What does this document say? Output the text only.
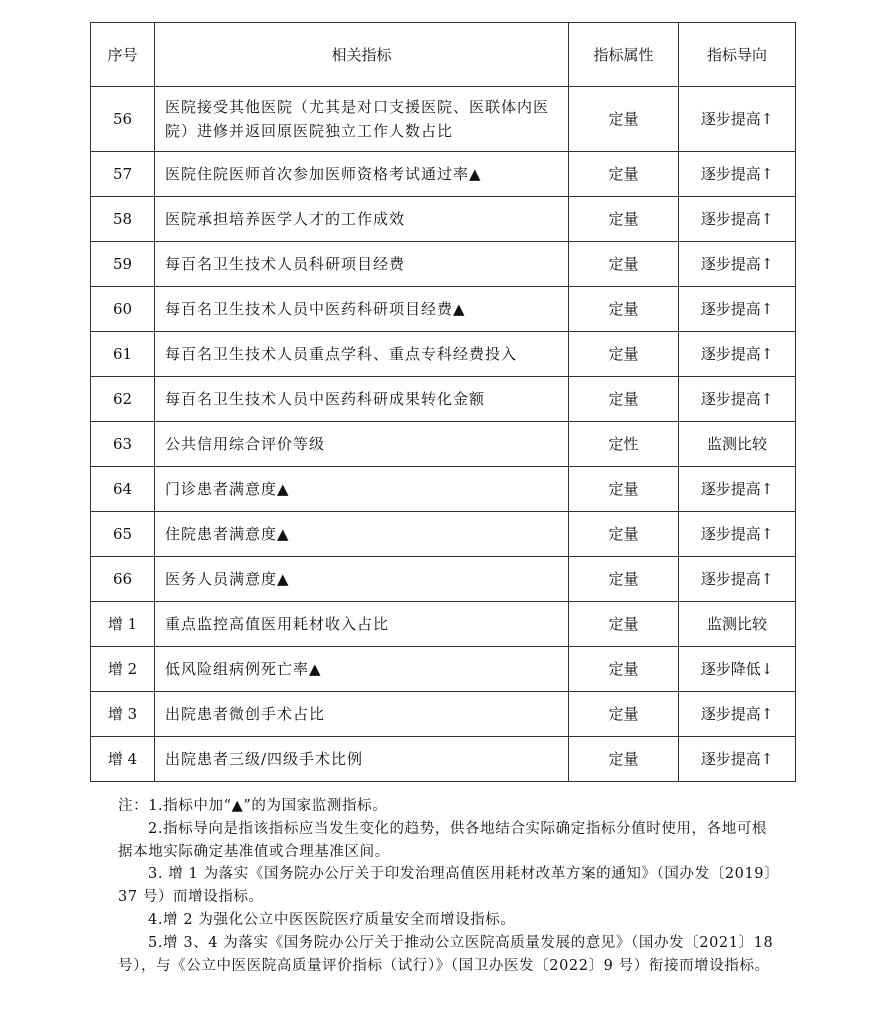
序号	相关指标	指标属性	指标导向
56	医院接受其他医院（尤其是对口支援医院、医联体内医院）进修并返回原医院独立工作人数占比	定量	逐步提高↑
57	医院住院医师首次参加医师资格考试通过率▲	定量	逐步提高↑
58	医院承担培养医学人才的工作成效	定量	逐步提高↑
59	每百名卫生技术人员科研项目经费	定量	逐步提高↑
60	每百名卫生技术人员中医药科研项目经费▲	定量	逐步提高↑
61	每百名卫生技术人员重点学科、重点专科经费投入	定量	逐步提高↑
62	每百名卫生技术人员中医药科研成果转化金额	定量	逐步提高↑
63	公共信用综合评价等级	定性	监测比较
64	门诊患者满意度▲	定量	逐步提高↑
65	住院患者满意度▲	定量	逐步提高↑
66	医务人员满意度▲	定量	逐步提高↑
增 1	重点监控高值医用耗材收入占比	定量	监测比较
增 2	低风险组病例死亡率▲	定量	逐步降低↓
增 3	出院患者微创手术占比	定量	逐步提高↑
增 4	出院患者三级/四级手术比例	定量	逐步提高↑

注：1.指标中加“▲”的为国家监测指标。

2.指标导向是指该指标应当发生变化的趋势，供各地结合实际确定指标分值时使用，各地可根据本地实际确定基准值或合理基准区间。

3. 增 1 为落实《国务院办公厅关于印发治理高值医用耗材改革方案的通知》（国办发〔2019〕37 号）而增设指标。

4.增 2 为强化公立中医医院医疗质量安全而增设指标。

5.增 3、4 为落实《国务院办公厅关于推动公立医院高质量发展的意见》（国办发〔2021〕18 号），与《公立中医医院高质量评价指标（试行）》（国卫办医发〔2022〕9 号）衔接而增设指标。
